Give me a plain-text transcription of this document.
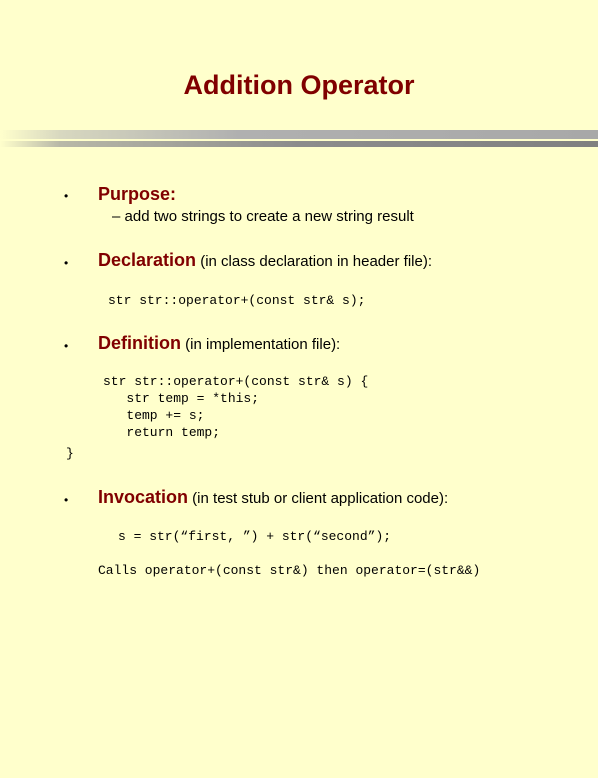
Addition Operator
• Purpose:
– add two strings to create a new string result
• Declaration (in class declaration in header file):
str str::operator+(const str& s);
• Definition (in implementation file):
str str::operator+(const str& s) {
str temp = *this;
temp += s;
return temp;
}
• Invocation (in test stub or client application code):
s = str(“first, ”) + str(“second”);
Calls operator+(const str&) then operator=(str&&)
